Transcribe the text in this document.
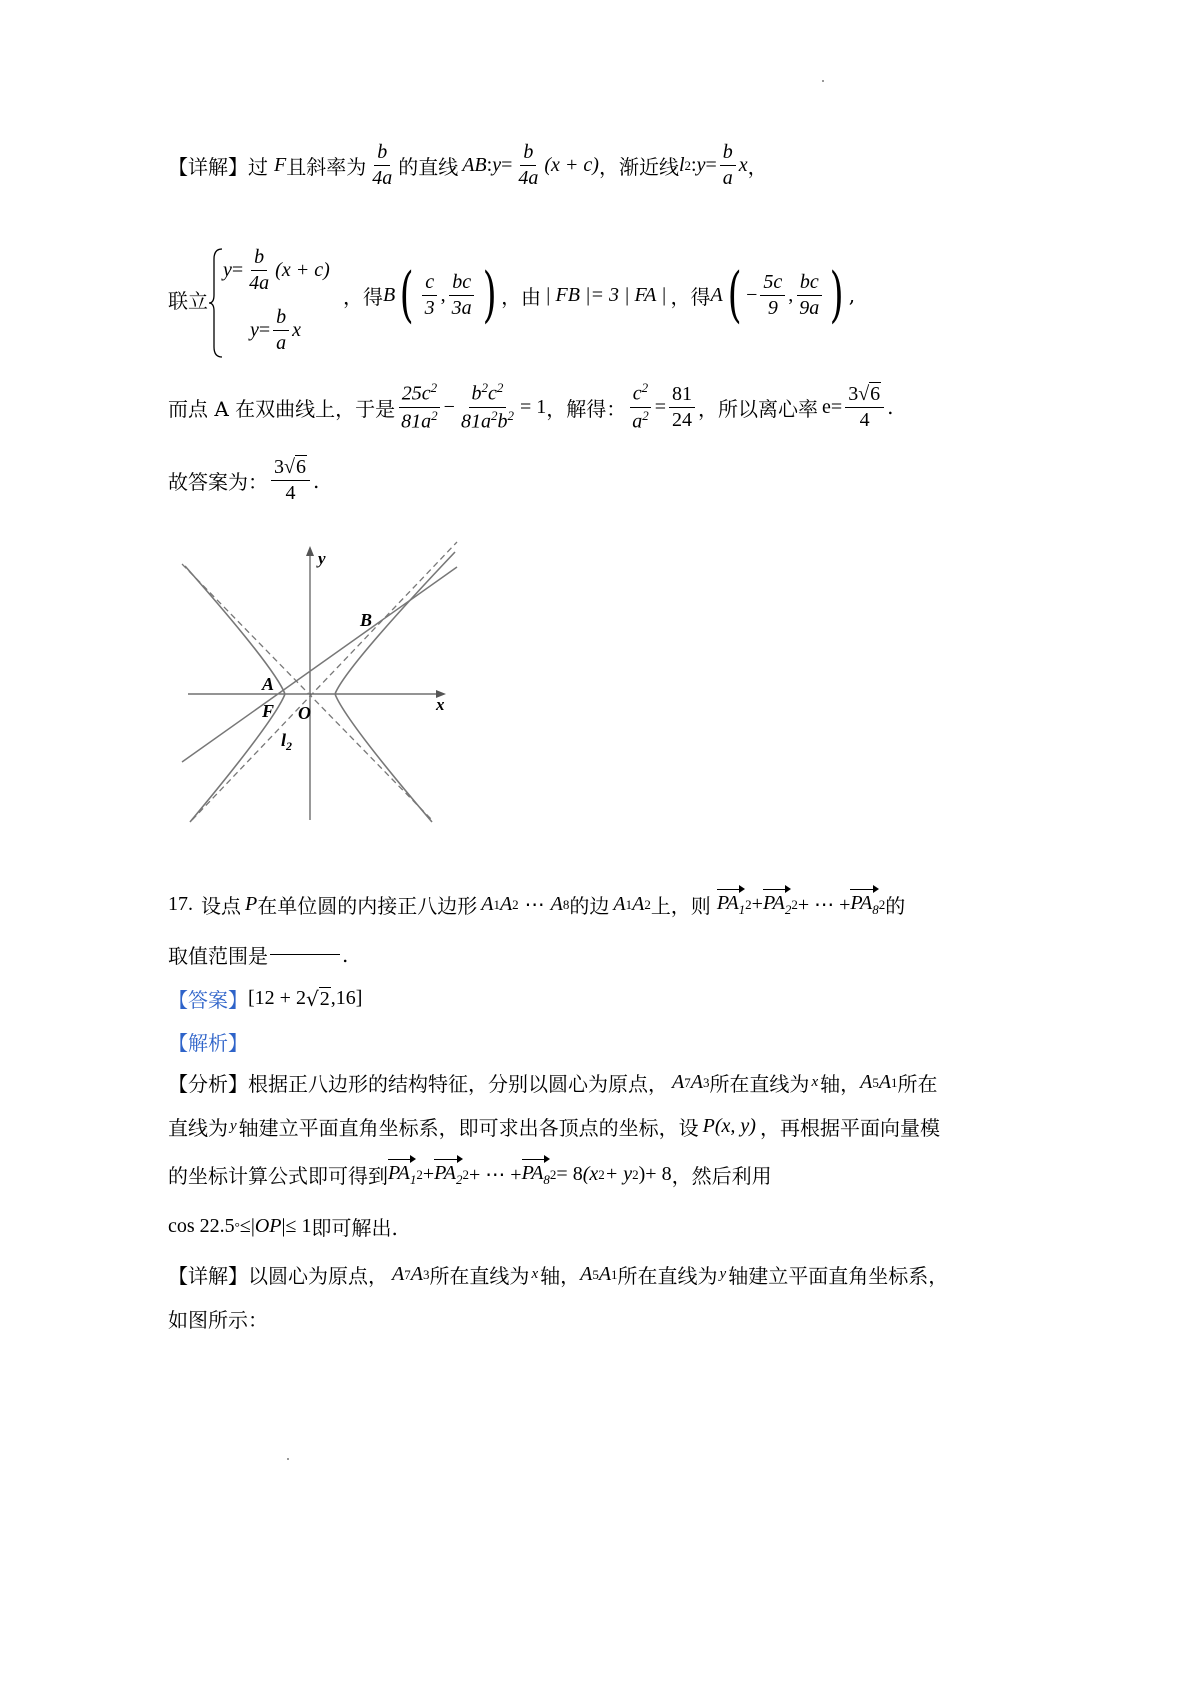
【详解】 过 F 且斜率为 $\frac{b}{4a}$ 的直线 AB : $y = \frac{b}{4a} (x + c)$ ，渐近线 l 2 : $y = \frac{b}{a}$ x ，
联立
$y = \frac{b}{4a} (x + c)$
$y = \frac{b}{a}$ x
，得 B ( $\frac{c}{3}$ , $\frac{bc}{3a}$ ) ，由 | FB |= 3 | FA | ，得 A ( − $\frac{5c}{9}$ , $\frac{bc}{9a}$ ) ,
而点 A 在双曲线上，于是 $\frac{25c^2}{81a^2} - \frac{b^2c^2}{81a^2b^2} = 1$ ，解得： $\frac{c^2}{a^2} = \frac{81}{24}$ ，所以离心率 $e = \frac{3√6}{4}$ .
故答案为： $\frac{3√6}{4}$ .
y
x
B
A
F O
$l_2$
17. 设点 P 在单位圆的内接正八边形 A 1 A 2 ⋯ A 8 的边 A 1 A 2 上，则 $PA_1$ $2 + PA_2$ 2 + ⋯ + $PA_8$ 2 的
取值范围是	.
【答案】 [12 + 2 √ 2 ,16]
【解析】
【分析】 根据正八边形的结构特征，分别以圆心为原点， A 7 A 3 所在直线为 x 轴， A 5 A 1 所在
直线为 y 轴建立平面直角坐标系，即可求出各顶点的坐标，设 P(x, y) ，再根据平面向量模
的坐标计算公式即可得到 $PA_1$ $2 + PA_2$ 2 + ⋯ + $PA_8$ 2 = 8 (x 2 + y 2 ) + 8 ，然后利用
cos 22.5 ° ≤| OP |≤ 1 即可解出.
【详解】 以圆心为原点， A 7 A 3 所在直线为 x 轴， A 5 A 1 所在直线为 y 轴建立平面直角坐标系，
如图所示：
